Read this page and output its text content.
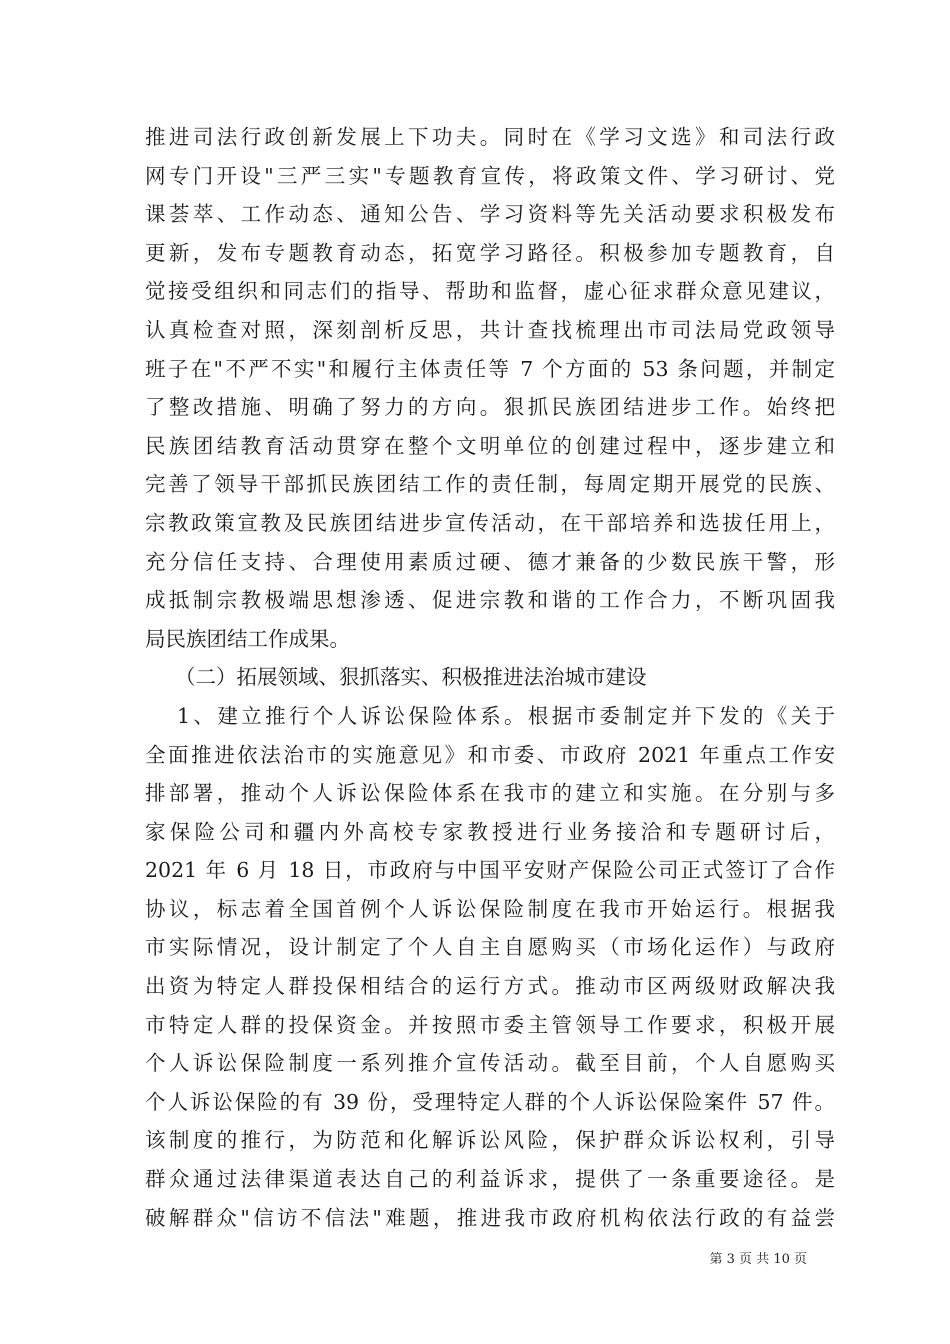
推进司法行政创新发展上下功夫。同时在《学习文选》和司法行政
网专门开设"三严三实"专题教育宣传，将政策文件、学习研讨、党
课荟萃、工作动态、通知公告、学习资料等先关活动要求积极发布
更新，发布专题教育动态，拓宽学习路径。积极参加专题教育，自
觉接受组织和同志们的指导、帮助和监督，虚心征求群众意见建议，
认真检查对照，深刻剖析反思，共计查找梳理出市司法局党政领导
班子在"不严不实"和履行主体责任等 7 个方面的 53 条问题，并制定
了整改措施、明确了努力的方向。狠抓民族团结进步工作。始终把
民族团结教育活动贯穿在整个文明单位的创建过程中，逐步建立和
完善了领导干部抓民族团结工作的责任制，每周定期开展党的民族、
宗教政策宣教及民族团结进步宣传活动，在干部培养和选拔任用上，
充分信任支持、合理使用素质过硬、德才兼备的少数民族干警，形
成抵制宗教极端思想渗透、促进宗教和谐的工作合力，不断巩固我
局民族团结工作成果。
（二）拓展领域、狠抓落实、积极推进法治城市建设
1、建立推行个人诉讼保险体系。根据市委制定并下发的《关于
全面推进依法治市的实施意见》和市委、市政府 2021 年重点工作安
排部署，推动个人诉讼保险体系在我市的建立和实施。在分别与多
家保险公司和疆内外高校专家教授进行业务接洽和专题研讨后，
2021 年 6 月 18 日，市政府与中国平安财产保险公司正式签订了合作
协议，标志着全国首例个人诉讼保险制度在我市开始运行。根据我
市实际情况，设计制定了个人自主自愿购买（市场化运作）与政府
出资为特定人群投保相结合的运行方式。推动市区两级财政解决我
市特定人群的投保资金。并按照市委主管领导工作要求，积极开展
个人诉讼保险制度一系列推介宣传活动。截至目前，个人自愿购买
个人诉讼保险的有 39 份，受理特定人群的个人诉讼保险案件 57 件。
该制度的推行，为防范和化解诉讼风险，保护群众诉讼权利，引导
群众通过法律渠道表达自己的利益诉求，提供了一条重要途径。是
破解群众"信访不信法"难题，推进我市政府机构依法行政的有益尝
第 3 页 共 10 页
